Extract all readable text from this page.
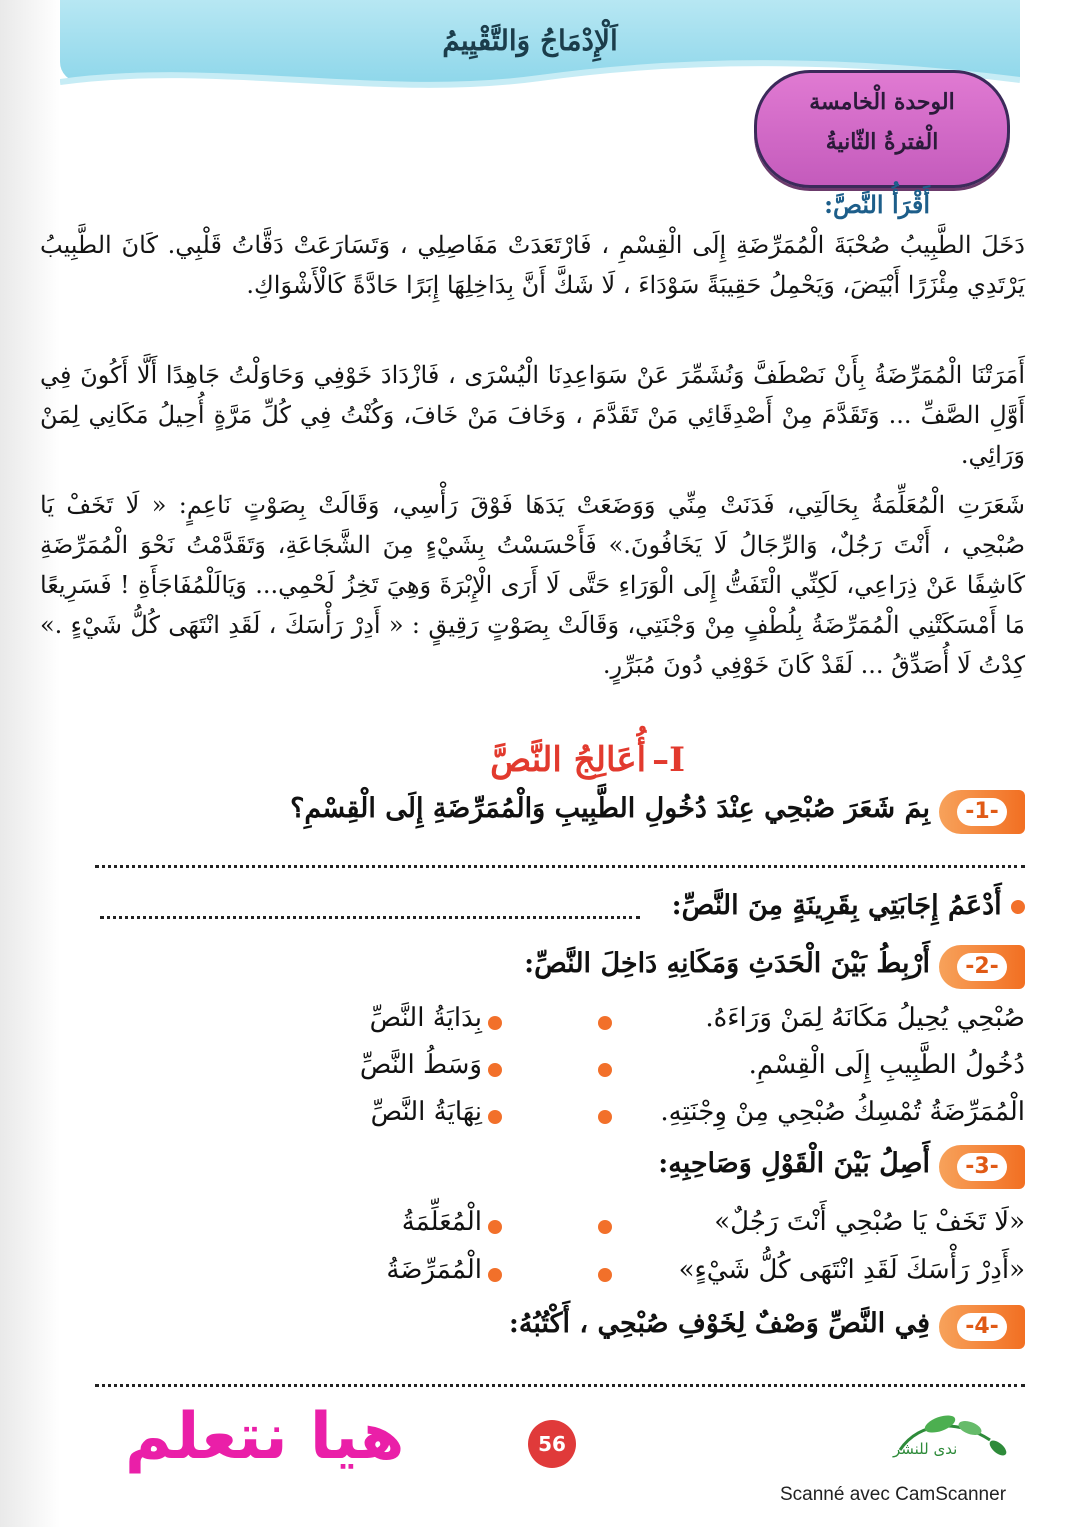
اَلْإِدْمَاجُ وَالتَّقْيِيمُ
الوحدة الْخامسة
الْفترةُ الثّانيةُ
أَقْرَأُ النَّصَّ:
دَخَلَ الطَّبِيبُ صُحْبَةَ الْمُمَرِّضَةِ إِلَى الْقِسْمِ ، فَارْتَعَدَتْ مَفَاصِلِي ، وَتَسَارَعَتْ دَقَّاتُ قَلْبِي. كَانَ الطَّبِيبُ يَرْتَدِي مِئْزَرًا أَبْيَضَ، وَيَحْمِلُ حَقِيبَةً سَوْدَاءَ ، لَا شَكَّ أَنَّ بِدَاخِلِهَا إِبَرًا حَادَّةً كَالْأَشْوَاكِ.
أَمَرَتْنَا الْمُمَرِّضَةُ بِأَنْ نَصْطَفَّ وَنُشَمِّرَ عَنْ سَوَاعِدِنَا الْيُسْرَى ، فَازْدَادَ خَوْفِي وَحَاوَلْتُ جَاهِدًا أَلَّا أَكُونَ فِي أَوَّلِ الصَّفِّ ... وَتَقَدَّمَ مِنْ أَصْدِقَائِي مَنْ تَقَدَّمَ ، وَخَافَ مَنْ خَافَ، وَكُنْتُ فِي كُلِّ مَرَّةٍ أُحِيلُ مَكَانِي لِمَنْ وَرَائِي.
شَعَرَتِ الْمُعَلِّمَةُ بِحَالَتِي، فَدَنَتْ مِنِّي وَوَضَعَتْ يَدَهَا فَوْقَ رَأْسِي، وَقَالَتْ بِصَوْتٍ نَاعِمٍ: « لَا تَخَفْ يَا صُبْحِي ، أَنْتَ رَجُلٌ، وَالرِّجَالُ لَا يَخَافُونَ.» فَأَحْسَسْتُ بِشَيْءٍ مِنَ الشَّجَاعَةِ، وَتَقَدَّمْتُ نَحْوَ الْمُمَرِّضَةِ كَاشِفًا عَنْ ذِرَاعِي، لَكِنِّي الْتَفَتُّ إِلَى الْوَرَاءِ حَتَّى لَا أَرَى الْإِبْرَةَ وَهِيَ تَخِزُ لَحْمِي... وَيَالَلْمُفَاجَأَةِ ! فَسَرِيعًا مَا أَمْسَكَتْنِي الْمُمَرِّضَةُ بِلُطْفٍ مِنْ وَجْنَتِي، وَقَالَتْ بِصَوْتٍ رَقِيقٍ : « أَدِرْ رَأْسَكَ ، لَقَدِ انْتَهَى كُلُّ شَيْءٍ .» كِدْتُ لَا أُصَدِّقُ ... لَقَدْ كَانَ خَوْفِي دُونَ مُبَرِّرٍ.
I–أُعَالِجُ النَّصَّ
-1-
بِمَ شَعَرَ صُبْحِي عِنْدَ دُخُولِ الطَّبِيبِ وَالْمُمَرِّضَةِ إِلَى الْقِسْمِ؟
أَدْعَمُ إِجَابَتِي بِقَرِينَةٍ مِنَ النَّصِّ:
-2-
أَرْبِطُ بَيْنَ الْحَدَثِ وَمَكَانِهِ دَاخِلَ النَّصِّ:
صُبْحِي يُحِيلُ مَكَانَهُ لِمَنْ وَرَاءَهُ.
دُخُولُ الطَّبِيبِ إِلَى الْقِسْمِ.
الْمُمَرِّضَةُ تُمْسِكُ صُبْحِي مِنْ وِجْنَتِهِ.
بِدَايَةُ النَّصِّ
وَسَطُ النَّصِّ
نِهَايَةُ النَّصِّ
-3-
أَصِلُ بَيْنَ الْقَوْلِ وَصَاحِبِهِ:
«لَا تَخَفْ يَا صُبْحِي أَنْتَ رَجُلٌ»
«أَدِرْ رَأْسَكَ لَقَدِ انْتَهَى كُلُّ شَيْءٍ»
الْمُعَلِّمَةُ
الْمُمَرِّضَةُ
-4-
فِي النَّصِّ وَصْفٌ لِخَوْفِ صُبْحِي ، أَكْتُبُهُ:
ندى للنشر
56
هيا نتعلم
Scanné avec CamScanner
